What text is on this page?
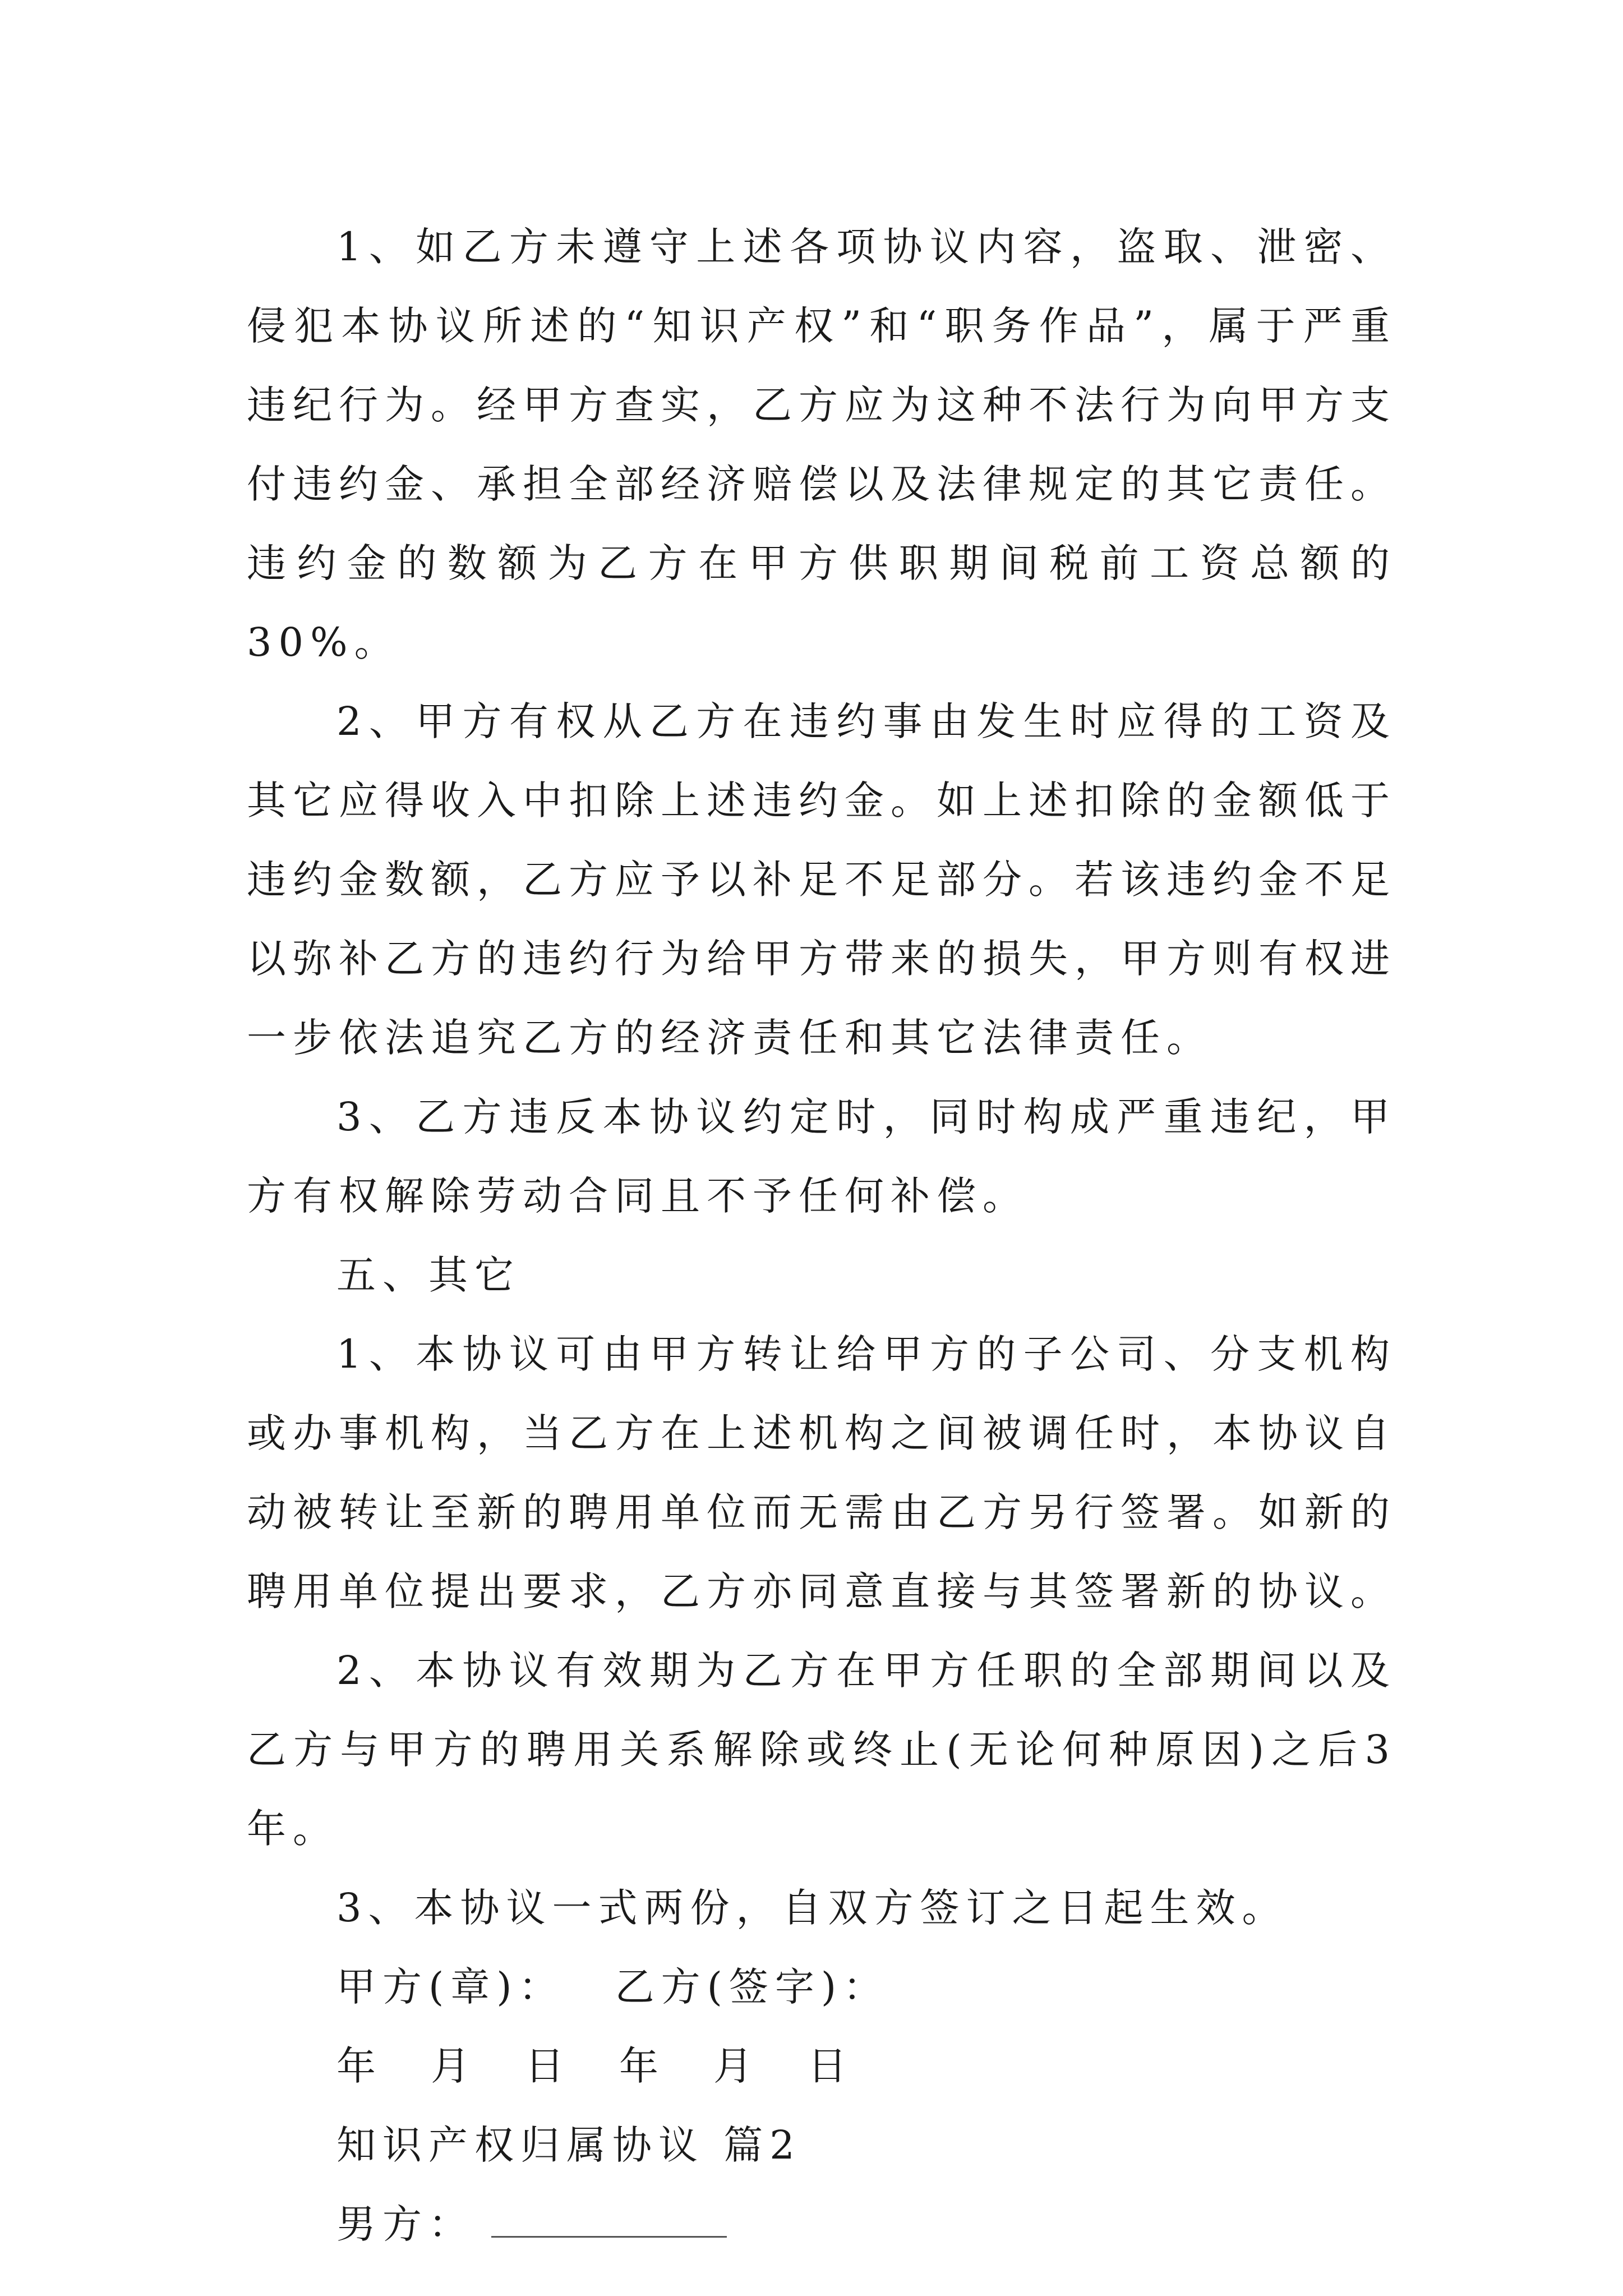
1、如乙方未遵守上述各项协议内容，盗取、泄密、侵犯本协议所述的“知识产权”和“职务作品”，属于严重违纪行为。经甲方查实，乙方应为这种不法行为向甲方支付违约金、承担全部经济赔偿以及法律规定的其它责任。违约金的数额为乙方在甲方供职期间税前工资总额的30%。

2、甲方有权从乙方在违约事由发生时应得的工资及其它应得收入中扣除上述违约金。如上述扣除的金额低于违约金数额，乙方应予以补足不足部分。若该违约金不足以弥补乙方的违约行为给甲方带来的损失，甲方则有权进一步依法追究乙方的经济责任和其它法律责任。

3、乙方违反本协议约定时，同时构成严重违纪，甲方有权解除劳动合同且不予任何补偿。

五、其它

1、本协议可由甲方转让给甲方的子公司、分支机构或办事机构，当乙方在上述机构之间被调任时，本协议自动被转让至新的聘用单位而无需由乙方另行签署。如新的聘用单位提出要求，乙方亦同意直接与其签署新的协议。

2、本协议有效期为乙方在甲方任职的全部期间以及乙方与甲方的聘用关系解除或终止(无论何种原因)之后3年。

3、本协议一式两份，自双方签订之日起生效。

甲方(章)： 乙方(签字)：
年 月 日 年 月 日

知识产权归属协议 篇2

男方：
